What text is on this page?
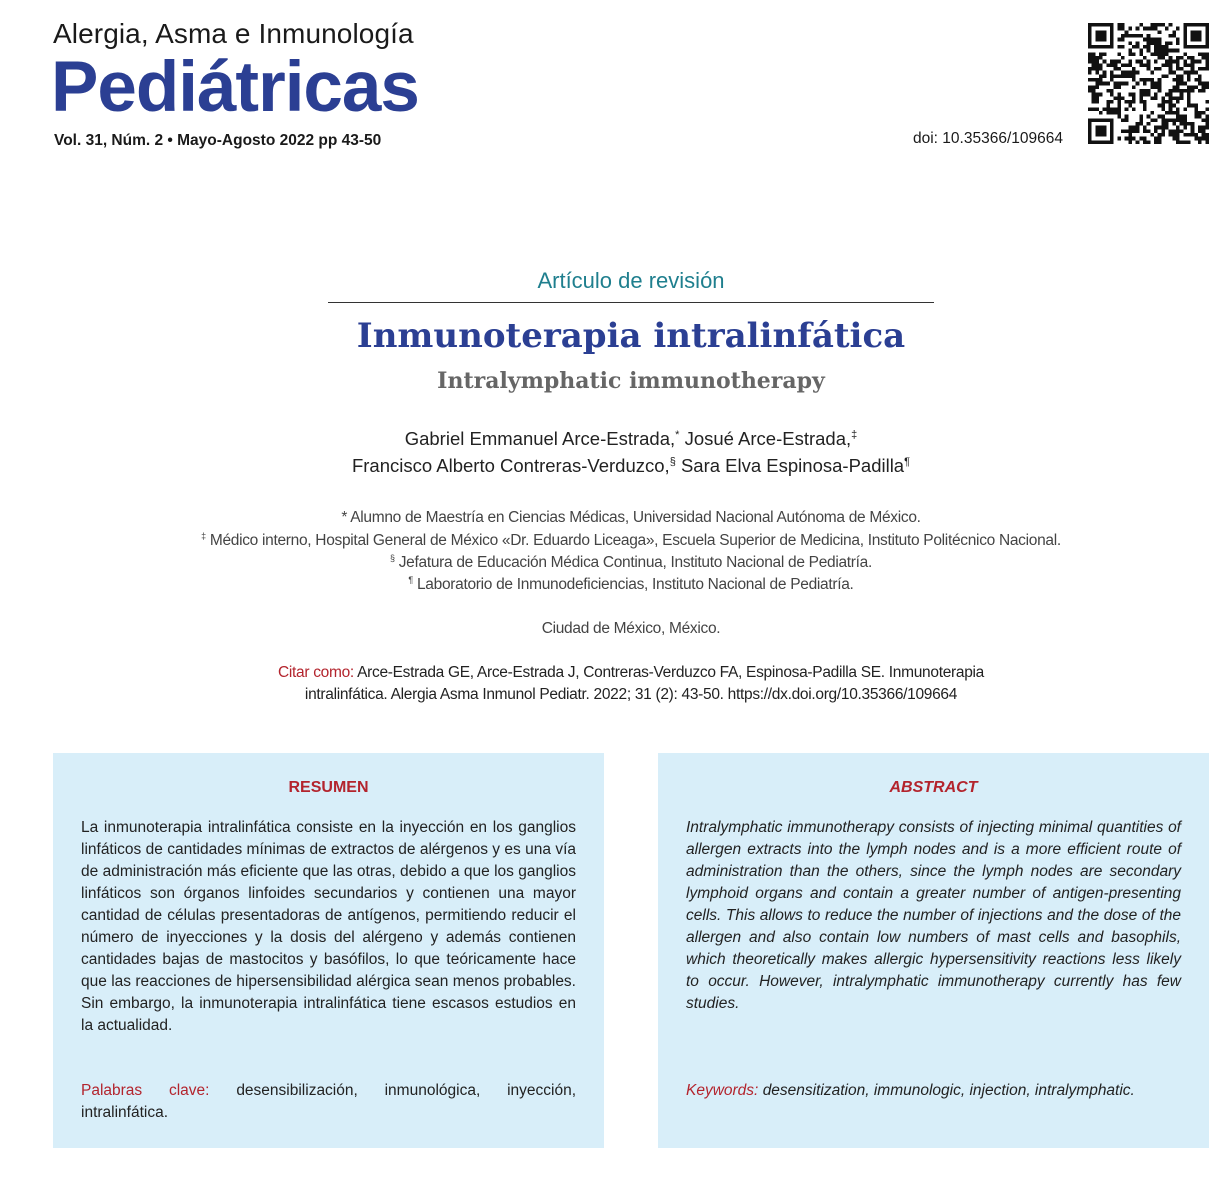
Alergia, Asma e Inmunología
Pediátricas
Vol. 31, Núm. 2 • Mayo-Agosto 2022 pp 43-50	doi: 10.35366/109664
Artículo de revisión
Inmunoterapia intralinfática
Intralymphatic immunotherapy
Gabriel Emmanuel Arce-Estrada,* Josué Arce-Estrada,‡
Francisco Alberto Contreras-Verduzco,§ Sara Elva Espinosa-Padilla¶
* Alumno de Maestría en Ciencias Médicas, Universidad Nacional Autónoma de México.
‡ Médico interno, Hospital General de México «Dr. Eduardo Liceaga», Escuela Superior de Medicina, Instituto Politécnico Nacional.
§ Jefatura de Educación Médica Continua, Instituto Nacional de Pediatría.
¶ Laboratorio de Inmunodeficiencias, Instituto Nacional de Pediatría.
Ciudad de México, México.
Citar como: Arce-Estrada GE, Arce-Estrada J, Contreras-Verduzco FA, Espinosa-Padilla SE. Inmunoterapia intralinfática. Alergia Asma Inmunol Pediatr. 2022; 31 (2): 43-50. https://dx.doi.org/10.35366/109664
RESUMEN
La inmunoterapia intralinfática consiste en la inyección en los ganglios linfáticos de cantidades mínimas de extractos de alérgenos y es una vía de administración más eficiente que las otras, debido a que los ganglios linfáticos son órganos linfoides secundarios y contienen una mayor cantidad de células presentadoras de antígenos, permitiendo reducir el número de inyecciones y la dosis del alérgeno y además contienen cantidades bajas de mastocitos y basófilos, lo que teóricamente hace que las reacciones de hipersensibilidad alérgica sean menos probables. Sin embargo, la inmunoterapia intralinfática tiene escasos estudios en la actualidad.
Palabras clave: desensibilización, inmunológica, inyección, intralinfática.
ABSTRACT
Intralymphatic immunotherapy consists of injecting minimal quantities of allergen extracts into the lymph nodes and is a more efficient route of administration than the others, since the lymph nodes are secondary lymphoid organs and contain a greater number of antigen-presenting cells. This allows to reduce the number of injections and the dose of the allergen and also contain low numbers of mast cells and basophils, which theoretically makes allergic hypersensitivity reactions less likely to occur. However, intralymphatic immunotherapy currently has few studies.
Keywords: desensitization, immunologic, injection, intralymphatic.
